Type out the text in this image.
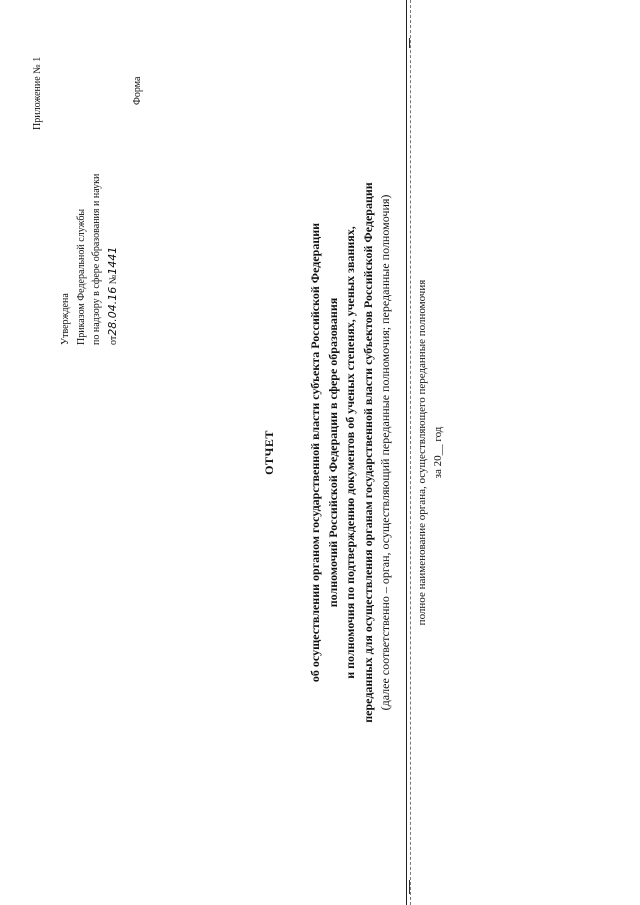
Приложение № 1
Утверждена Приказом Федеральной службы по надзору в сфере образования и науки от28.04.16 №1441
Форма
ОТЧЕТ	об осуществлении органом государственной власти субъекта Российской Федерации полномочий Российской Федерации в сфере образования и полномочия по подтверждению документов об ученых степенях, ученых званиях, переданных для осуществления органам государственной власти субъектов Российской Федерации (далее соответственно – орган, осуществляющий переданные полномочия; переданные полномочия) полное наименование органа, осуществляющего переданные полномочия за 20__ год
